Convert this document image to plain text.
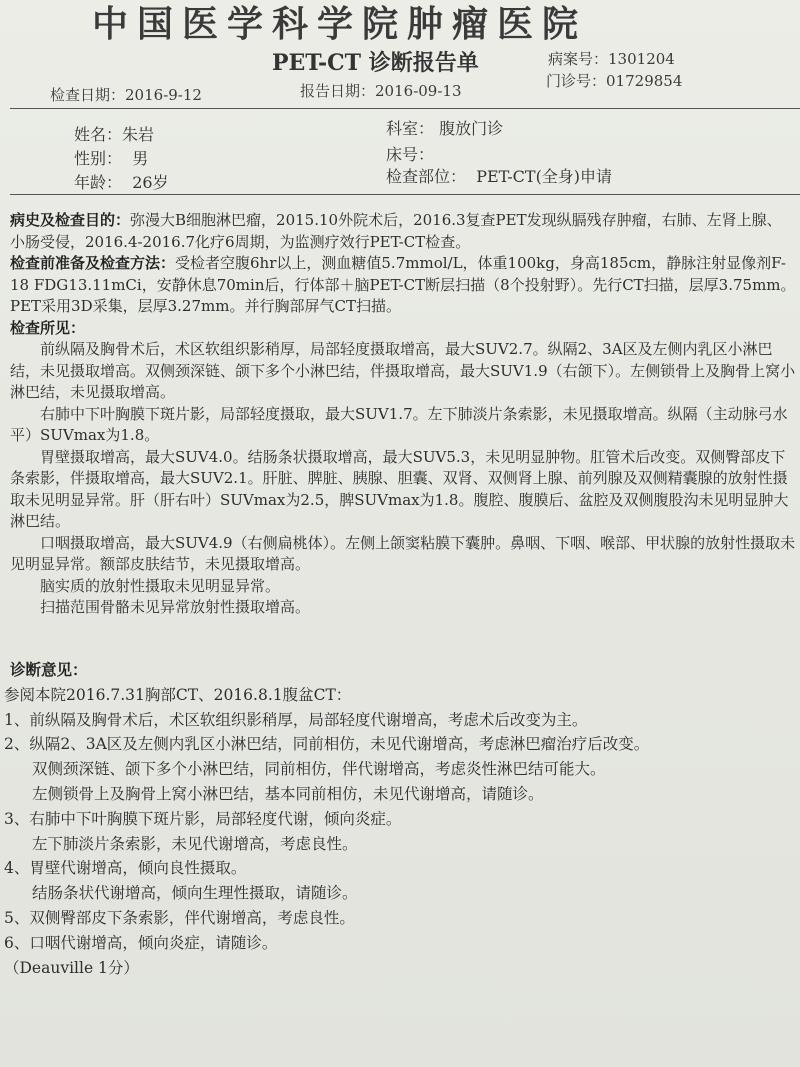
中国医学科学院肿瘤医院
PET-CT 诊断报告单	病案号：1301204
检查日期：2016-9-12	报告日期：2016-09-13
门诊号：01729854
姓名：朱岩	科室： 腹放门诊
性别： 男	床号：
年龄： 26岁	检查部位： PET-CT(全身)申请

病史及检查目的：弥漫大B细胞淋巴瘤，2015.10外院术后，2016.3复查PET发现纵膈残存肿瘤，右肺、左肾上腺、小肠受侵，2016.4-2016.7化疗6周期，为监测疗效行PET-CT检查。

检查前准备及检查方法：受检者空腹6hr以上，测血糖值5.7mmol/L，体重100kg，身高185cm，静脉注射显像剂F-18 FDG13.11mCi，安静休息70min后，行体部＋脑PET-CT断层扫描（8个投射野）。先行CT扫描，层厚3.75mm。PET采用3D采集，层厚3.27mm。并行胸部屏气CT扫描。

检查所见：

前纵隔及胸骨术后，术区软组织影稍厚，局部轻度摄取增高，最大SUV2.7。纵隔2、3A区及左侧内乳区小淋巴结，未见摄取增高。双侧颈深链、颌下多个小淋巴结，伴摄取增高，最大SUV1.9（右颌下）。左侧锁骨上及胸骨上窝小淋巴结，未见摄取增高。

右肺中下叶胸膜下斑片影，局部轻度摄取，最大SUV1.7。左下肺淡片条索影，未见摄取增高。纵隔（主动脉弓水平）SUVmax为1.8。

胃壁摄取增高，最大SUV4.0。结肠条状摄取增高，最大SUV5.3，未见明显肿物。肛管术后改变。双侧臀部皮下条索影，伴摄取增高，最大SUV2.1。肝脏、脾脏、胰腺、胆囊、双肾、双侧肾上腺、前列腺及双侧精囊腺的放射性摄取未见明显异常。肝（肝右叶）SUVmax为2.5，脾SUVmax为1.8。腹腔、腹膜后、盆腔及双侧腹股沟未见明显肿大淋巴结。

口咽摄取增高，最大SUV4.9（右侧扁桃体）。左侧上颌窦粘膜下囊肿。鼻咽、下咽、喉部、甲状腺的放射性摄取未见明显异常。额部皮肤结节，未见摄取增高。

脑实质的放射性摄取未见明显异常。

扫描范围骨骼未见异常放射性摄取增高。

诊断意见：

参阅本院2016.7.31胸部CT、2016.8.1腹盆CT：

1、前纵隔及胸骨术后，术区软组织影稍厚，局部轻度代谢增高，考虑术后改变为主。

2、纵隔2、3A区及左侧内乳区小淋巴结，同前相仿，未见代谢增高，考虑淋巴瘤治疗后改变。

双侧颈深链、颌下多个小淋巴结，同前相仿，伴代谢增高，考虑炎性淋巴结可能大。

左侧锁骨上及胸骨上窝小淋巴结，基本同前相仿，未见代谢增高，请随诊。

3、右肺中下叶胸膜下斑片影，局部轻度代谢，倾向炎症。

左下肺淡片条索影，未见代谢增高，考虑良性。

4、胃壁代谢增高，倾向良性摄取。

结肠条状代谢增高，倾向生理性摄取，请随诊。

5、双侧臀部皮下条索影，伴代谢增高，考虑良性。

6、口咽代谢增高，倾向炎症，请随诊。

（Deauville 1分）
